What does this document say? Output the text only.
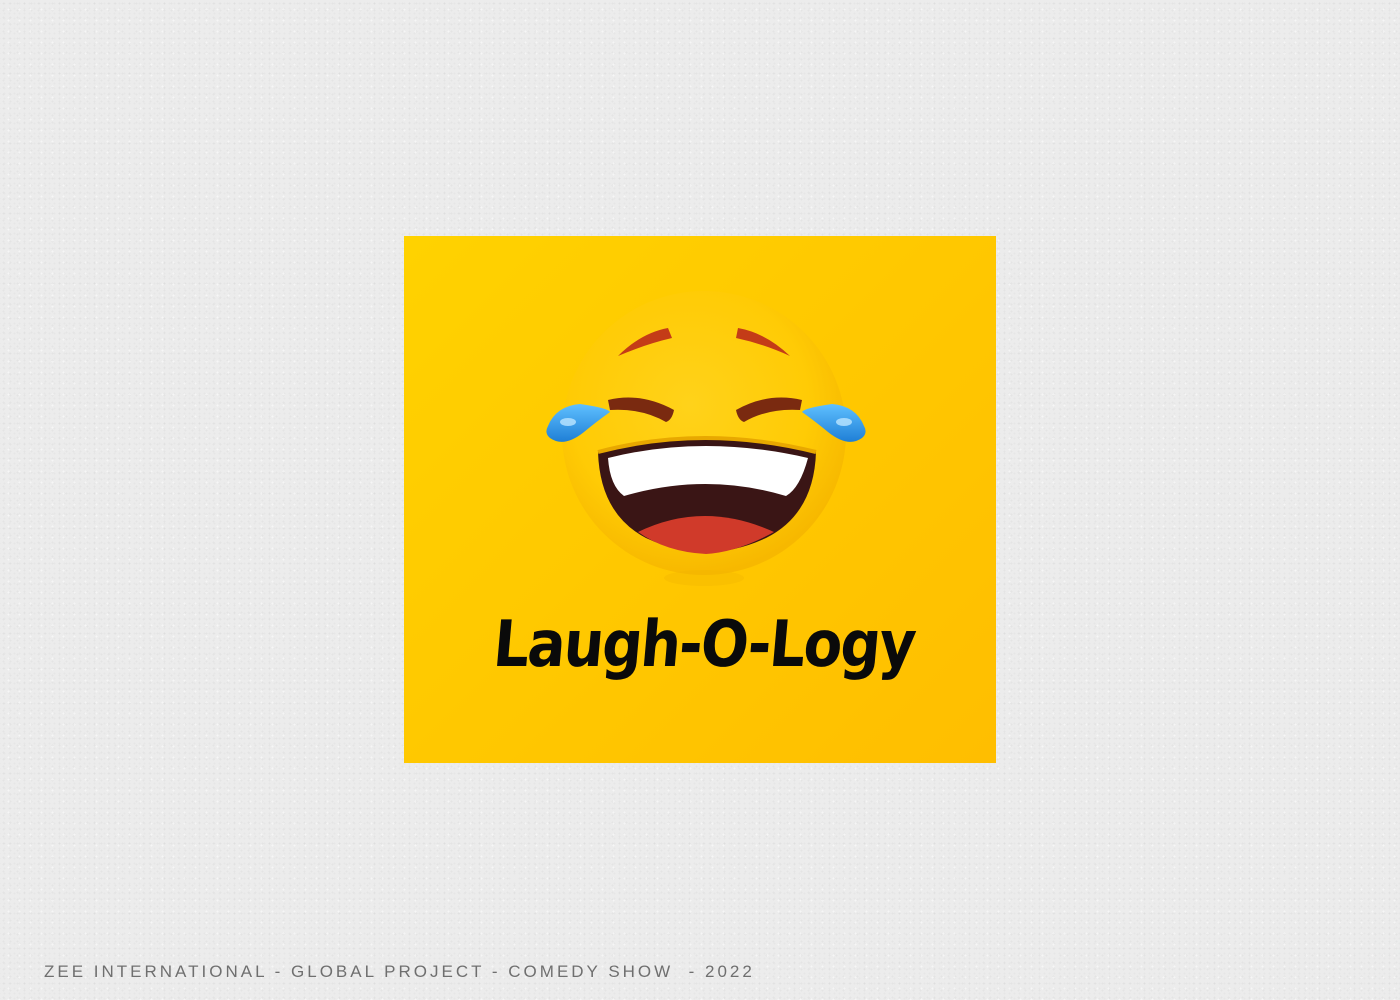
Laugh-O-Logy
ZEE INTERNATIONAL - GLOBAL PROJECT - COMEDY SHOW  - 2022
